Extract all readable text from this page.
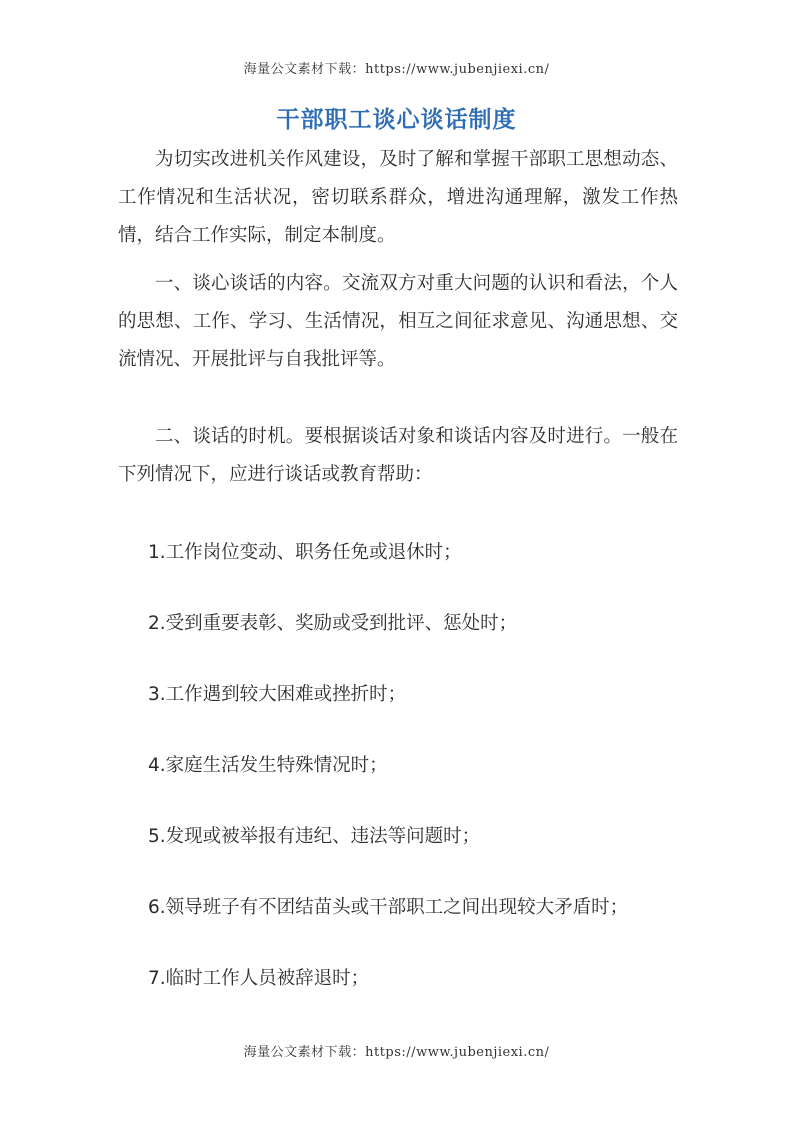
海量公文素材下载：https://www.jubenjiexi.cn/
干部职工谈心谈话制度

为切实改进机关作风建设，及时了解和掌握干部职工思想动态、工作情况和生活状况，密切联系群众，增进沟通理解，激发工作热情，结合工作实际，制定本制度。

一、谈心谈话的内容。交流双方对重大问题的认识和看法，个人的思想、工作、学习、生活情况，相互之间征求意见、沟通思想、交流情况、开展批评与自我批评等。

二、谈话的时机。要根据谈话对象和谈话内容及时进行。一般在下列情况下，应进行谈话或教育帮助：

1.工作岗位变动、职务任免或退休时；
2.受到重要表彰、奖励或受到批评、惩处时；
3.工作遇到较大困难或挫折时；
4.家庭生活发生特殊情况时；
5.发现或被举报有违纪、违法等问题时；
6.领导班子有不团结苗头或干部职工之间出现较大矛盾时；
7.临时工作人员被辞退时；
海量公文素材下载：https://www.jubenjiexi.cn/
